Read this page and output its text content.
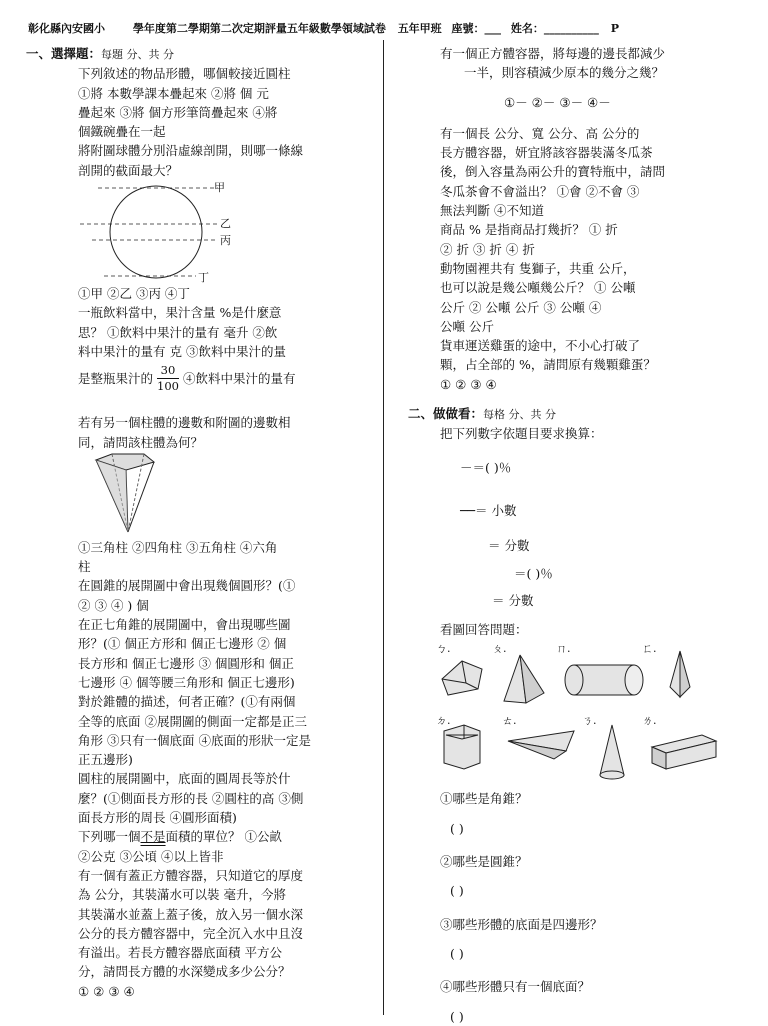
彰化縣內安國小	學年度第二學期第二次定期評量五年級數學領域試卷 五年甲班 座號：___ 姓名：__________ P
一、選擇題：每題 分、共 分
下列敘述的物品形體，哪個較接近圓柱
①將 本數學課本疊起來 ②將 個 元
疊起來 ③將 個方形筆筒疊起來 ④將
個鐵碗疊在一起
將附圖球體分別沿虛線剖開，則哪一條線
剖開的截面最大？
甲
乙
丙
丁
①甲 ②乙 ③丙 ④丁
一瓶飲料當中，果汁含量 %是什麼意
思？ ①飲料中果汁的量有 毫升 ②飲
料中果汁的量有 克 ③飲料中果汁的量
是整瓶果汁的 $\frac{30}{100}$ ④飲料中果汁的量有
若有另一個柱體的邊數和附圖的邊數相
同，請問該柱體為何？
①三角柱 ②四角柱 ③五角柱 ④六角
柱
在圓錐的展開圖中會出現幾個圓形？(①
② ③ ④ ) 個
在正七角錐的展開圖中，會出現哪些圖
形？(① 個正方形和 個正七邊形 ② 個
長方形和 個正七邊形 ③ 個圓形和 個正
七邊形 ④ 個等腰三角形和 個正七邊形)
對於錐體的描述，何者正確？(①有兩個
全等的底面 ②展開圖的側面一定都是正三
角形 ③只有一個底面 ④底面的形狀一定是
正五邊形)
圓柱的展開圖中，底面的圓周長等於什
麼？(①側面長方形的長 ②圓柱的高 ③側
面長方形的周長 ④圓形面積)
下列哪一個不是面積的單位？ ①公畝
②公克 ③公頃 ④以上皆非
有一個有蓋正方體容器，只知道它的厚度
為 公分，其裝滿水可以裝 毫升，今將
其裝滿水並蓋上蓋子後，放入另一個水深
公分的長方體容器中，完全沉入水中且沒
有溢出。若長方體容器底面積 平方公
分，請問長方體的水深變成多少公分？
① ② ③ ④
有一個正方體容器，將每邊的邊長都減少
一半，則容積減少原本的幾分之幾？
①－ ②－ ③－ ④－
有一個長 公分、寬 公分、高 公分的
長方體容器，妍宜將該容器裝滿冬瓜茶
後，倒入容量為兩公升的寶特瓶中，請問
冬瓜茶會不會溢出？ ①會 ②不會 ③
無法判斷 ④不知道
商品 % 是指商品打幾折？ ① 折
② 折 ③ 折 ④ 折
動物園裡共有 隻獅子，共重 公斤，
也可以說是幾公噸幾公斤？ ① 公噸
公斤 ② 公噸 公斤 ③ 公噸 ④
公噸 公斤
貨車運送雞蛋的途中，不小心打破了
顆，占全部的 %，請問原有幾顆雞蛋？
① ② ③ ④
二、做做看：每格 分、共 分
把下列數字依題目要求換算：
－＝( )％
──＝ 小數
＝ 分數
＝( )％
＝ 分數
看圖回答問題：
ㄅ.	ㄆ.	ㄇ.	ㄈ.
ㄉ.	ㄊ.	ㄋ.	ㄌ.
①哪些是角錐？
( )
②哪些是圓錐？
( )
③哪些形體的底面是四邊形？
( )
④哪些形體只有一個底面？
( )
